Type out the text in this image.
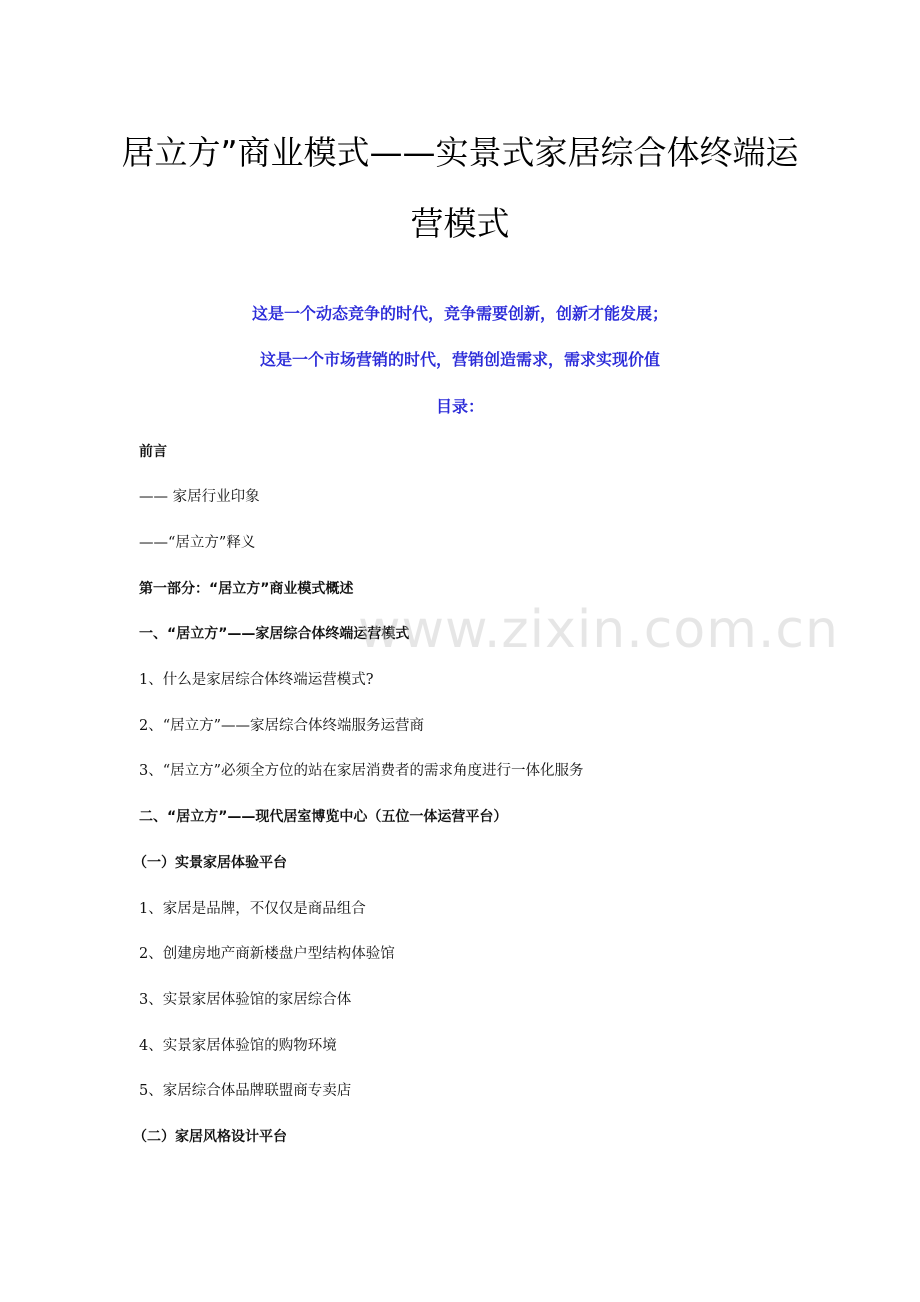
居立方”商业模式——实景式家居综合体终端运
营模式
这是一个动态竞争的时代，竞争需要创新，创新才能发展；
这是一个市场营销的时代，营销创造需求，需求实现价值
目录：
前言
—— 家居行业印象
——“居立方”释义
第一部分：“居立方”商业模式概述
一、“居立方”——家居综合体终端运营模式
1、什么是家居综合体终端运营模式?
2、“居立方”——家居综合体终端服务运营商
3、“居立方”必须全方位的站在家居消费者的需求角度进行一体化服务
二、“居立方”——现代居室博览中心（五位一体运营平台）
（一）实景家居体验平台
1、家居是品牌，不仅仅是商品组合
2、创建房地产商新楼盘户型结构体验馆
3、实景家居体验馆的家居综合体
4、实景家居体验馆的购物环境
5、家居综合体品牌联盟商专卖店
（二）家居风格设计平台
www.zixin.com.cn
